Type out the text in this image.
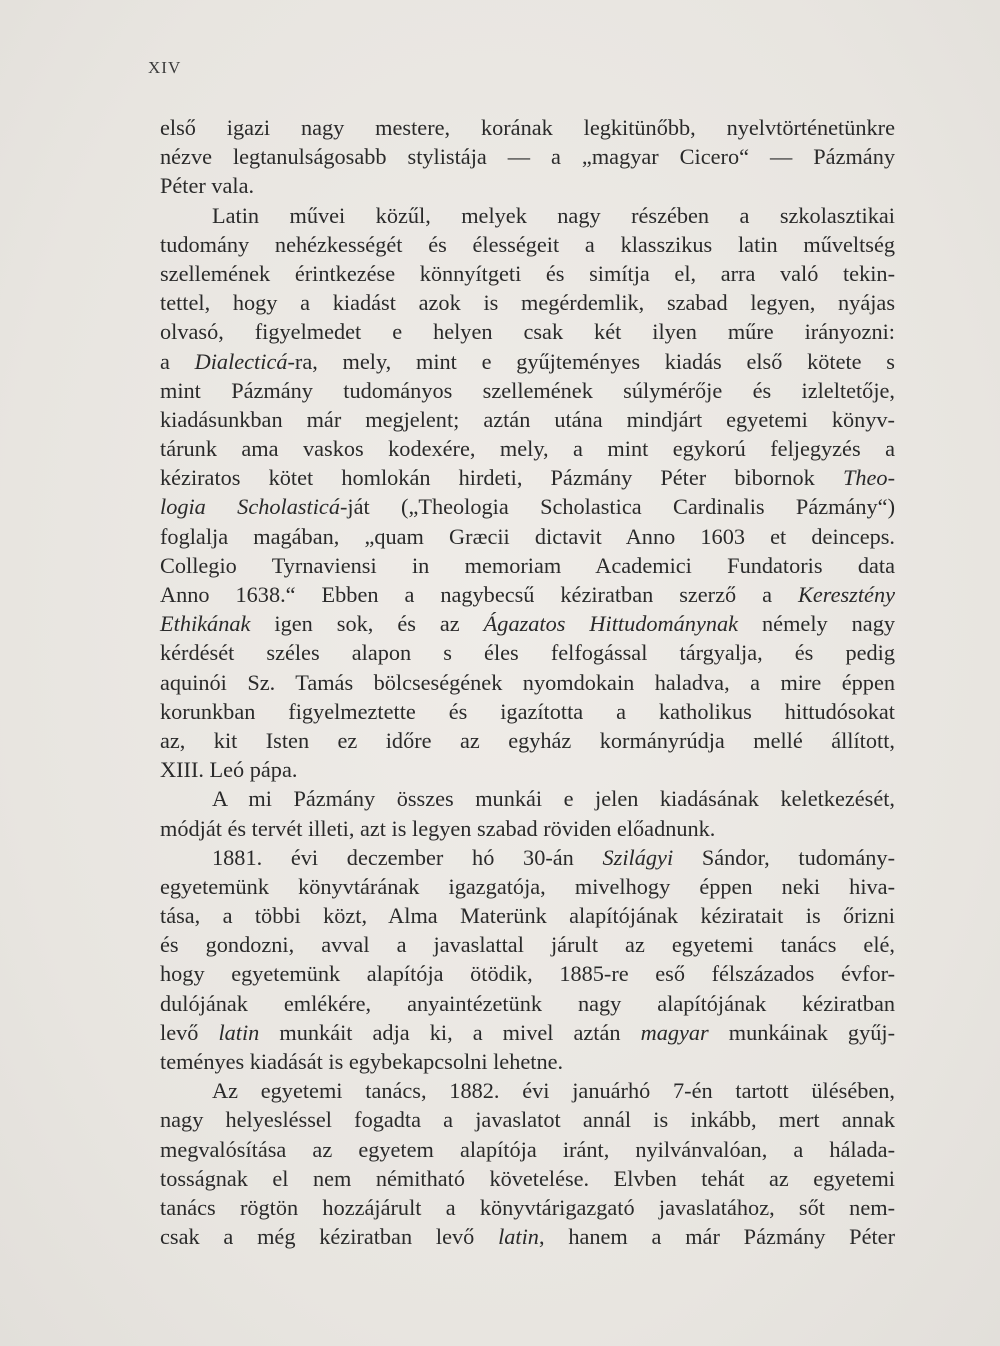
XIV
első igazi nagy mestere, korának legkitünőbb, nyelvtörténetünkre
nézve legtanulságosabb stylistája — a „magyar Cicero“ — Pázmány
Péter vala.
Latin művei közűl, melyek nagy részében a szkolasztikai
tudomány nehézkességét és élességeit a klasszikus latin műveltség
szellemének érintkezése könnyítgeti és simítja el, arra való tekin-
tettel, hogy a kiadást azok is megérdemlik, szabad legyen, nyájas
olvasó, figyelmedet e helyen csak két ilyen műre irányozni:
a Dialecticá-ra, mely, mint e gyűjteményes kiadás első kötete s
mint Pázmány tudományos szellemének súlymérője és izleltetője,
kiadásunkban már megjelent; aztán utána mindjárt egyetemi könyv-
tárunk ama vaskos kodexére, mely, a mint egykorú feljegyzés a
kéziratos kötet homlokán hirdeti, Pázmány Péter bibornok Theo-
logia Scholasticá-ját („Theologia Scholastica Cardinalis Pázmány“)
foglalja magában, „quam Græcii dictavit Anno 1603 et deinceps.
Collegio Tyrnaviensi in memoriam Academici Fundatoris data
Anno 1638.“ Ebben a nagybecsű kéziratban szerző a Keresztény
Ethikának igen sok, és az Ágazatos Hittudománynak némely nagy
kérdését széles alapon s éles felfogással tárgyalja, és pedig
aquinói Sz. Tamás bölcseségének nyomdokain haladva, a mire éppen
korunkban figyelmeztette és igazította a katholikus hittudósokat
az, kit Isten ez időre az egyház kormányrúdja mellé állított,
XIII. Leó pápa.
A mi Pázmány összes munkái e jelen kiadásának keletkezését,
módját és tervét illeti, azt is legyen szabad röviden előadnunk.
1881. évi deczember hó 30-án Szilágyi Sándor, tudomány-
egyetemünk könyvtárának igazgatója, mivelhogy éppen neki hiva-
tása, a többi közt, Alma Materünk alapítójának kéziratait is őrizni
és gondozni, avval a javaslattal járult az egyetemi tanács elé,
hogy egyetemünk alapítója ötödik, 1885-re eső félszázados évfor-
dulójának emlékére, anyaintézetünk nagy alapítójának kéziratban
levő latin munkáit adja ki, a mivel aztán magyar munkáinak gyűj-
teményes kiadását is egybekapcsolni lehetne.
Az egyetemi tanács, 1882. évi januárhó 7-én tartott ülésében,
nagy helyesléssel fogadta a javaslatot annál is inkább, mert annak
megvalósítása az egyetem alapítója iránt, nyilvánvalóan, a hálada-
tosságnak el nem némitható követelése. Elvben tehát az egyetemi
tanács rögtön hozzájárult a könyvtárigazgató javaslatához, sőt nem-
csak a még kéziratban levő latin, hanem a már Pázmány Péter
